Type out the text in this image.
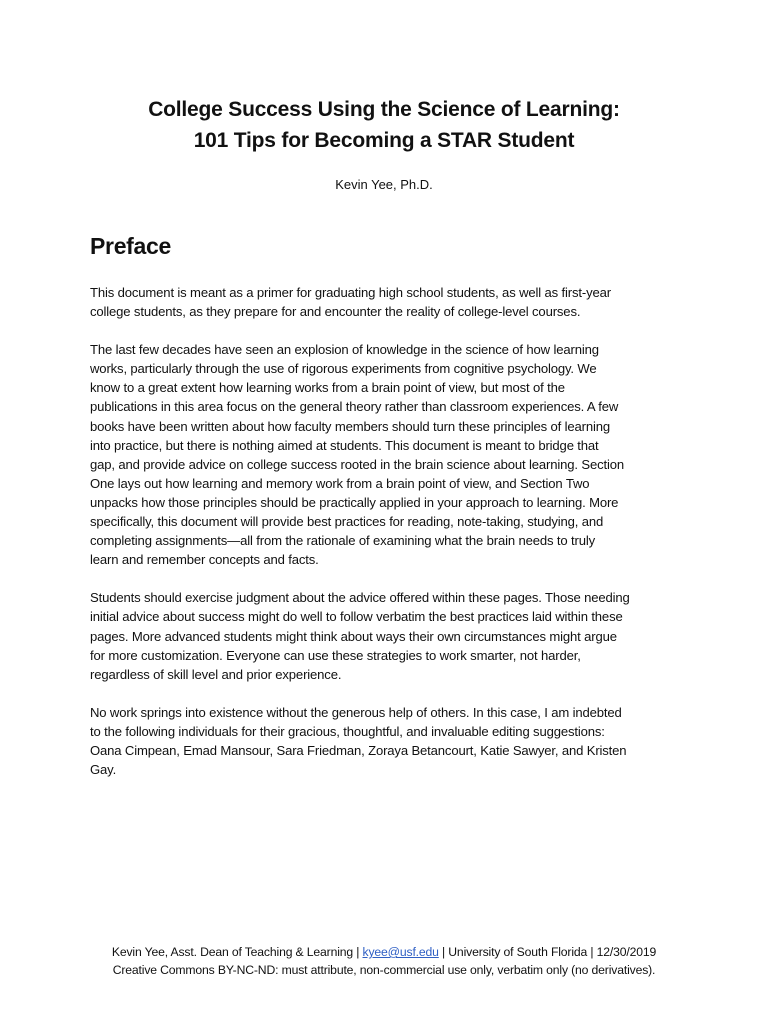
College Success Using the Science of Learning:
101 Tips for Becoming a STAR Student
Kevin Yee, Ph.D.
Preface

This document is meant as a primer for graduating high school students, as well as first-year
college students, as they prepare for and encounter the reality of college-level courses.

The last few decades have seen an explosion of knowledge in the science of how learning
works, particularly through the use of rigorous experiments from cognitive psychology. We
know to a great extent how learning works from a brain point of view, but most of the
publications in this area focus on the general theory rather than classroom experiences. A few
books have been written about how faculty members should turn these principles of learning
into practice, but there is nothing aimed at students. This document is meant to bridge that
gap, and provide advice on college success rooted in the brain science about learning. Section
One lays out how learning and memory work from a brain point of view, and Section Two
unpacks how those principles should be practically applied in your approach to learning. More
specifically, this document will provide best practices for reading, note-taking, studying, and
completing assignments—all from the rationale of examining what the brain needs to truly
learn and remember concepts and facts.

Students should exercise judgment about the advice offered within these pages. Those needing
initial advice about success might do well to follow verbatim the best practices laid within these
pages. More advanced students might think about ways their own circumstances might argue
for more customization. Everyone can use these strategies to work smarter, not harder,
regardless of skill level and prior experience.

No work springs into existence without the generous help of others. In this case, I am indebted
to the following individuals for their gracious, thoughtful, and invaluable editing suggestions:
Oana Cimpean, Emad Mansour, Sara Friedman, Zoraya Betancourt, Katie Sawyer, and Kristen
Gay.

Kevin Yee, Asst. Dean of Teaching & Learning | kyee@usf.edu | University of South Florida | 12/30/2019
Creative Commons BY-NC-ND: must attribute, non-commercial use only, verbatim only (no derivatives).
